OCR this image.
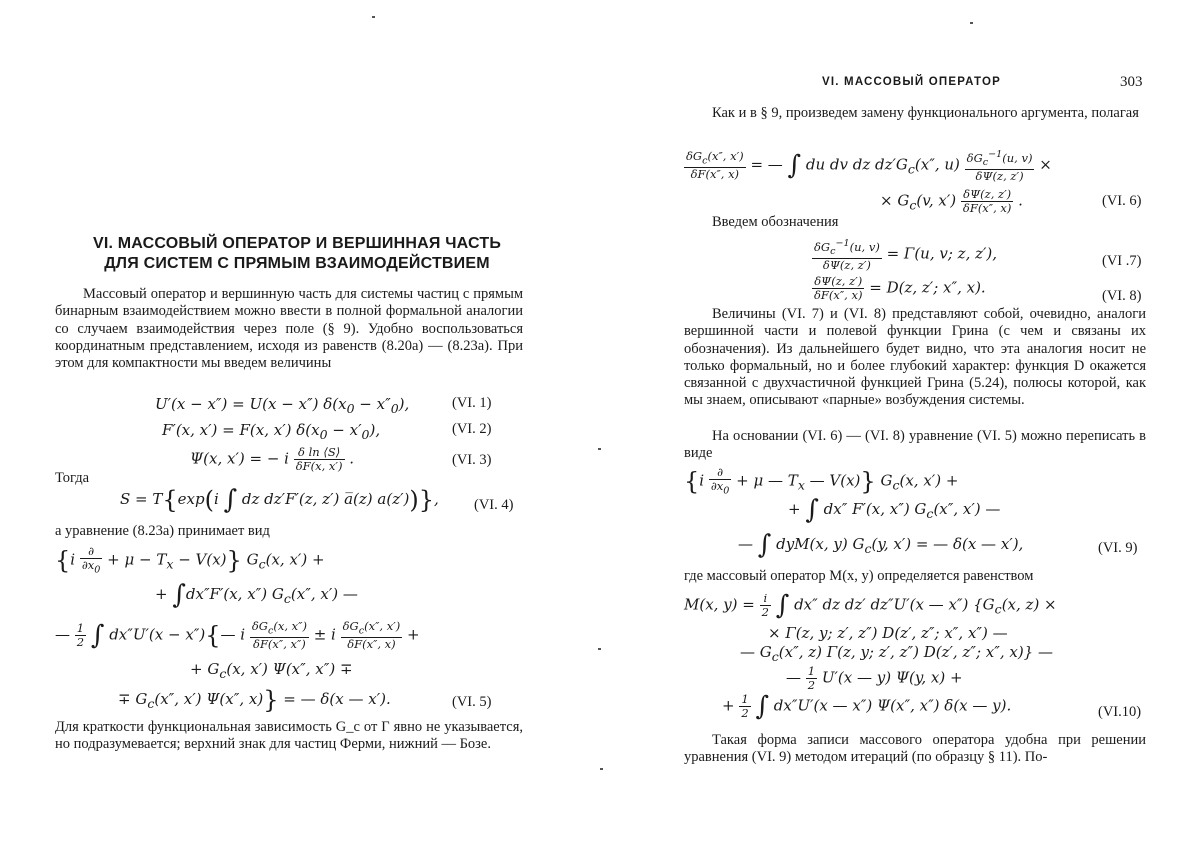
VI. МАССОВЫЙ ОПЕРАТОР И ВЕРШИННАЯ ЧАСТЬ
ДЛЯ СИСТЕМ С ПРЯМЫМ ВЗАИМОДЕЙСТВИЕМ

Массовый оператор и вершинную часть для системы частиц с прямым бинарным взаимодействием можно ввести в полной формальной аналогии со случаем взаимодействия через поле (§ 9). Удобно воспользоваться координатным представлением, исходя из равенств (8.20а) — (8.23а). При этом для компактности мы введем величины

U′(x − x″) = U(x − x″) $\delta(x_0 - x''_0)$,	(VI. 1)
F′(x, x′) = F(x, x′) $\delta(x_0 - x'_0)$,	(VI. 2)
Ψ(x, x′) = − i $\frac{\text{δ ln ⟨S⟩}}{\delta F(x, x')}$ .	(VI. 3)
Тогда
S = T{exp(i ∫ dz dz′F′(z, z′) a̅(z) a(z′))}, (VI. 4)
а уравнение (8.23а) принимает вид
$\{i \frac{\partial}{\partial x_0} + \mu - T_x - V(x)\}$ $G_c(x$, x′) +
+ ∫dx″F′(x, x″) $G_c(x''$, x′) —
— $\frac{1}{2}$ ∫ dx″U′(x − x″){— i $\frac{\delta G_c(x, x'')}{\delta F(x'', x'')} \pm i \frac{\delta G_c(x'', x')}{\delta F(x'', x)}$ +
+ $G_c(x$, x′) Ψ(x″, x″) ∓
∓ $G_c(x''$, x′) Ψ(x″, x)} = — δ(x — x′).	(VI. 5)

Для краткости функциональная зависимость G_c от Γ явно не указывается, но подразумевается; верхний знак для частиц Ферми, нижний — Бозе.

VI. МАССОВЫЙ ОПЕРАТОР	303

Как и в § 9, произведем замену функционального аргумента, полагая

$\frac{\delta G_c(x'', x')}{\delta F(x'', x)}$ = — ∫ du dv dz $dz'G_c(x''$, $u) \frac{\delta G_c^{-1}(u, v)}{\delta\Psi(z, z')}$ ×
× $G_c(v$, $x') \frac{\delta\Psi(z, z')}{\delta F(x'', x)}$ .	(VI. 6)
Введем обозначения
$\frac{\delta G_c^{-1}(u, v)}{\delta\Psi(z, z')} = \Gamma(u$, v; z, z′),	(VI .7)
$\frac{\delta\Psi(z, z')}{\delta F(x'', x)} = D(z$, z′; x″, x).	(VI. 8)

Величины (VI. 7) и (VI. 8) представляют собой, очевидно, аналоги вершинной части и полевой функции Грина (с чем и связаны их обозначения). Из дальнейшего будет видно, что эта аналогия носит не только формальный, но и более глубокий характер: функция D окажется связанной с двухчастичной функцией Грина (5.24), полюсы которой, как мы знаем, описывают «парные» возбуждения системы.

На основании (VI. 6) — (VI. 8) уравнение (VI. 5) можно переписать в виде

{$i \frac{\partial}{\partial x_0} + \mu$ — $T_x$ — V(x)} $G_c(x$, x′) +
+ ∫ dx″ F′(x, x″) $G_c(x''$, x′) —
— ∫ dyM(x, y) $G_c(y$, x′) = — δ(x — x′),	(VI. 9)

где массовый оператор M(x, y) определяется равенством

M(x, $y) = \frac{i}{2}$ ∫ dx″ dz dz′ dz″U′(x — x″) {$G_c(x$, z) ×
× Γ(z, y; z′, z″) D(z′, z″; x″, x″) —
— $G_c(x''$, z) Γ(z, y; z′, z″) D(z′, z″; x″, x)} —
— $\frac{1}{2} U'(x$ — y) Ψ(y, x) +
+ $\frac{1}{2}$ ∫ dx″U′(x — x″) Ψ(x″, x″) δ(x — y).	(VI.10)

Такая форма записи массового оператора удобна при решении уравнения (VI. 9) методом итераций (по образцу § 11). По-
